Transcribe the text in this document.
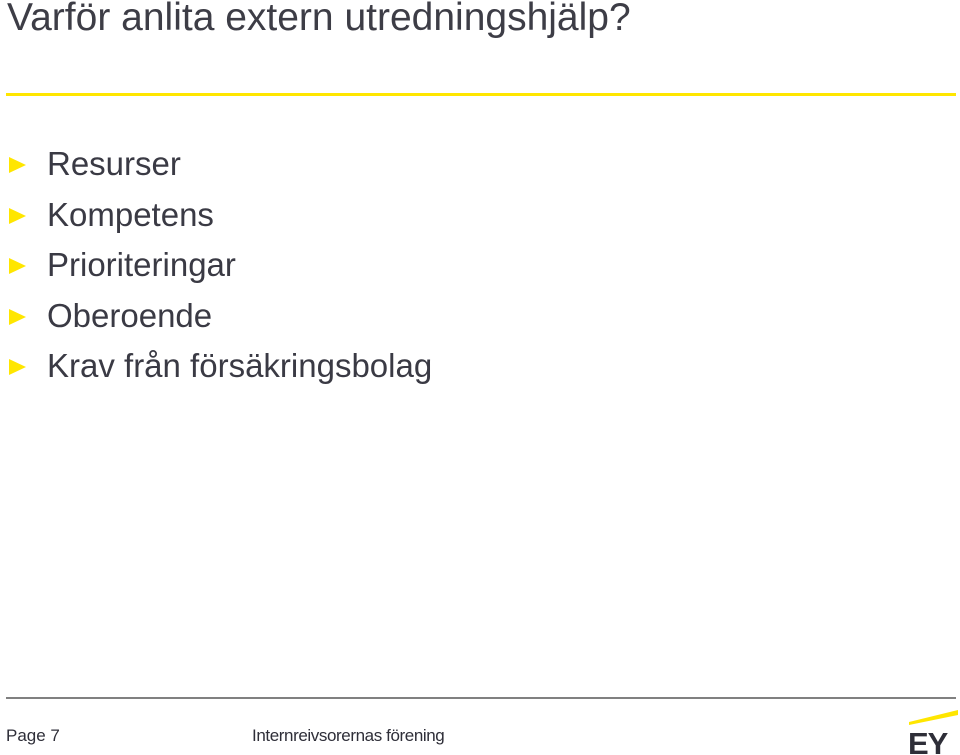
Varför anlita extern utredningshjälp?
Resurser
Kompetens
Prioriteringar
Oberoende
Krav från försäkringsbolag
Page 7	Internreivsorernas förening	EY
